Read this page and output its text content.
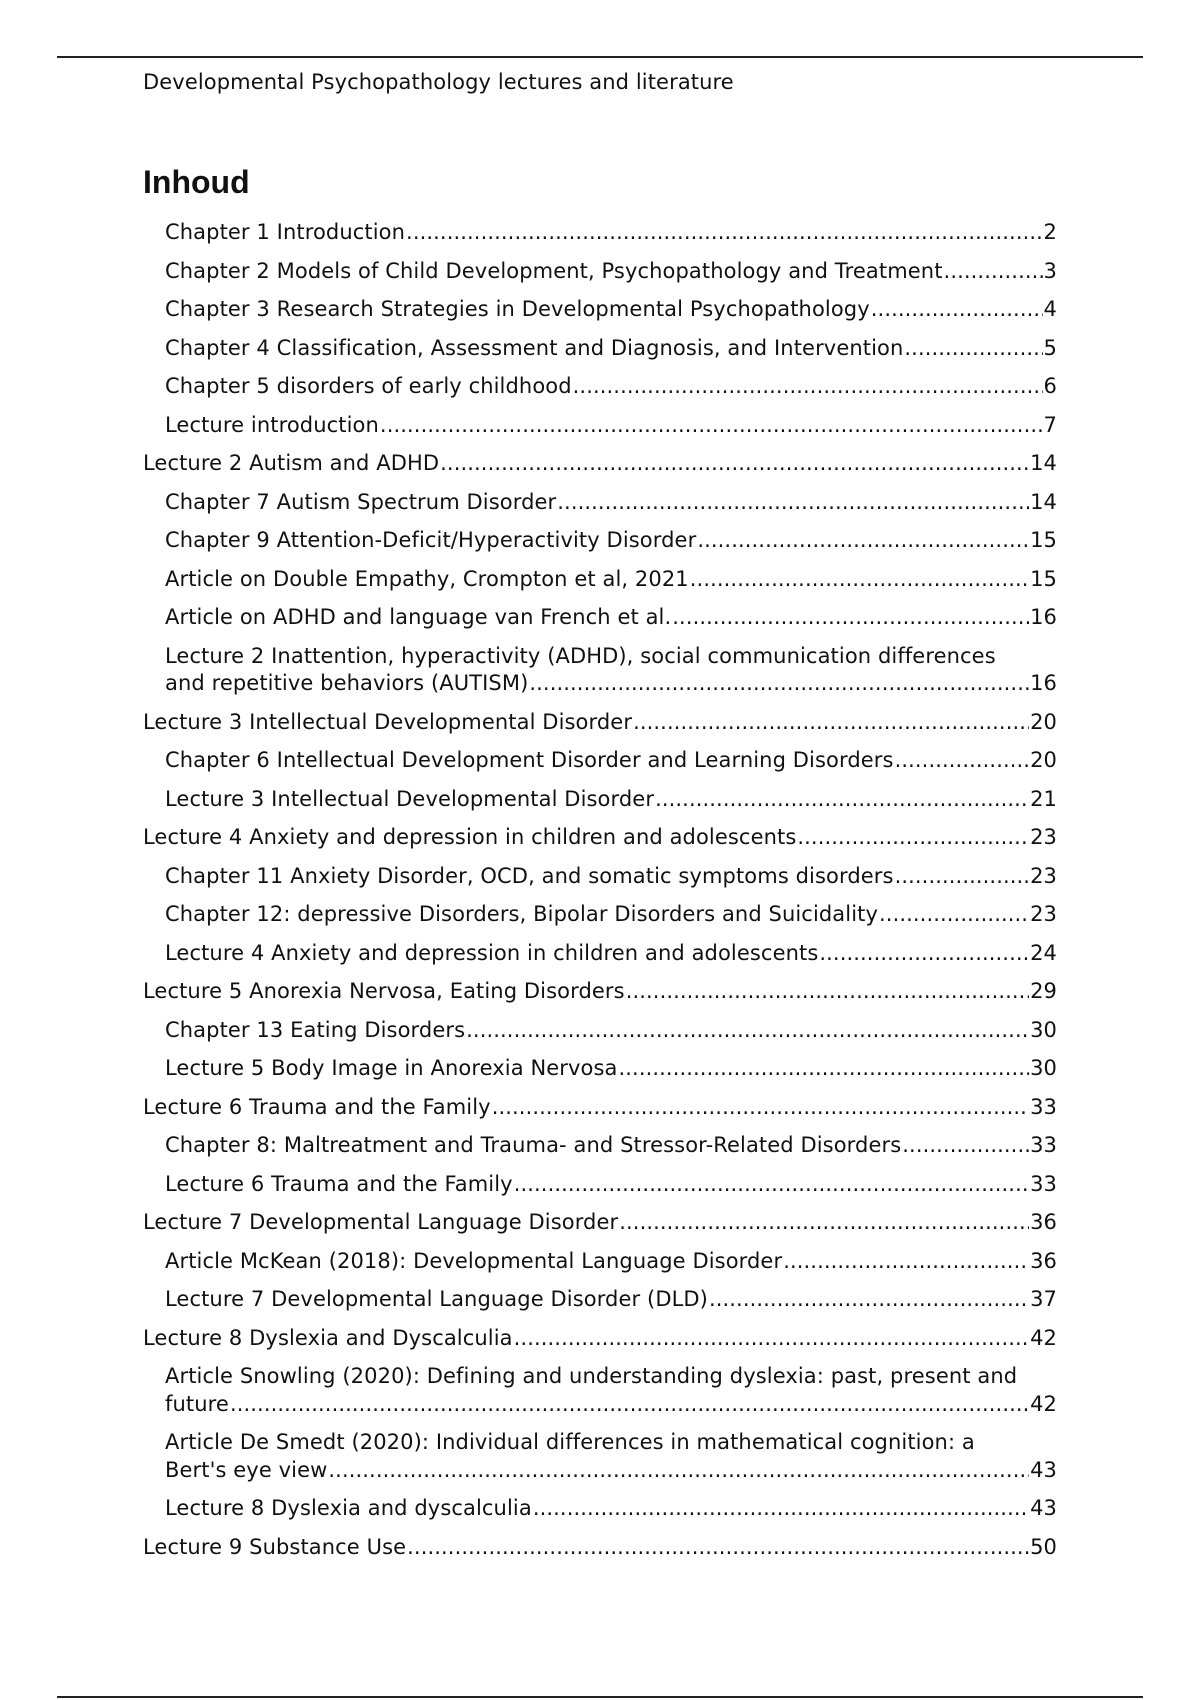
Developmental Psychopathology lectures and literature
Inhoud
Chapter 1 Introduction .....	2
Chapter 2 Models of Child Development, Psychopathology and Treatment .....	3
Chapter 3 Research Strategies in Developmental Psychopathology .....	4
Chapter 4 Classification, Assessment and Diagnosis, and Intervention .....	5
Chapter 5 disorders of early childhood .....	6
Lecture introduction .....	7
Lecture 2 Autism and ADHD .....	14
Chapter 7 Autism Spectrum Disorder .....	14
Chapter 9 Attention-Deficit/Hyperactivity Disorder .....	15
Article on Double Empathy, Crompton et al, 2021 .....	15
Article on ADHD and language van French et al. .....	16
Lecture 2 Inattention, hyperactivity (ADHD), social communication differences
and repetitive behaviors (AUTISM) .....	16
Lecture 3 Intellectual Developmental Disorder .....	20
Chapter 6 Intellectual Development Disorder and Learning Disorders .....	20
Lecture 3 Intellectual Developmental Disorder .....	21
Lecture 4 Anxiety and depression in children and adolescents .....	23
Chapter 11 Anxiety Disorder, OCD, and somatic symptoms disorders .....	23
Chapter 12: depressive Disorders, Bipolar Disorders and Suicidality .....	23
Lecture 4 Anxiety and depression in children and adolescents .....	24
Lecture 5 Anorexia Nervosa, Eating Disorders .....	29
Chapter 13 Eating Disorders .....	30
Lecture 5 Body Image in Anorexia Nervosa .....	30
Lecture 6 Trauma and the Family .....	33
Chapter 8: Maltreatment and Trauma- and Stressor-Related Disorders .....	33
Lecture 6 Trauma and the Family .....	33
Lecture 7 Developmental Language Disorder .....	36
Article McKean (2018): Developmental Language Disorder .....	36
Lecture 7 Developmental Language Disorder (DLD) .....	37
Lecture 8 Dyslexia and Dyscalculia .....	42
Article Snowling (2020): Defining and understanding dyslexia: past, present and
future .....	42
Article De Smedt (2020): Individual differences in mathematical cognition: a
Bert's eye view .....	43
Lecture 8 Dyslexia and dyscalculia .....	43
Lecture 9 Substance Use .....	50
